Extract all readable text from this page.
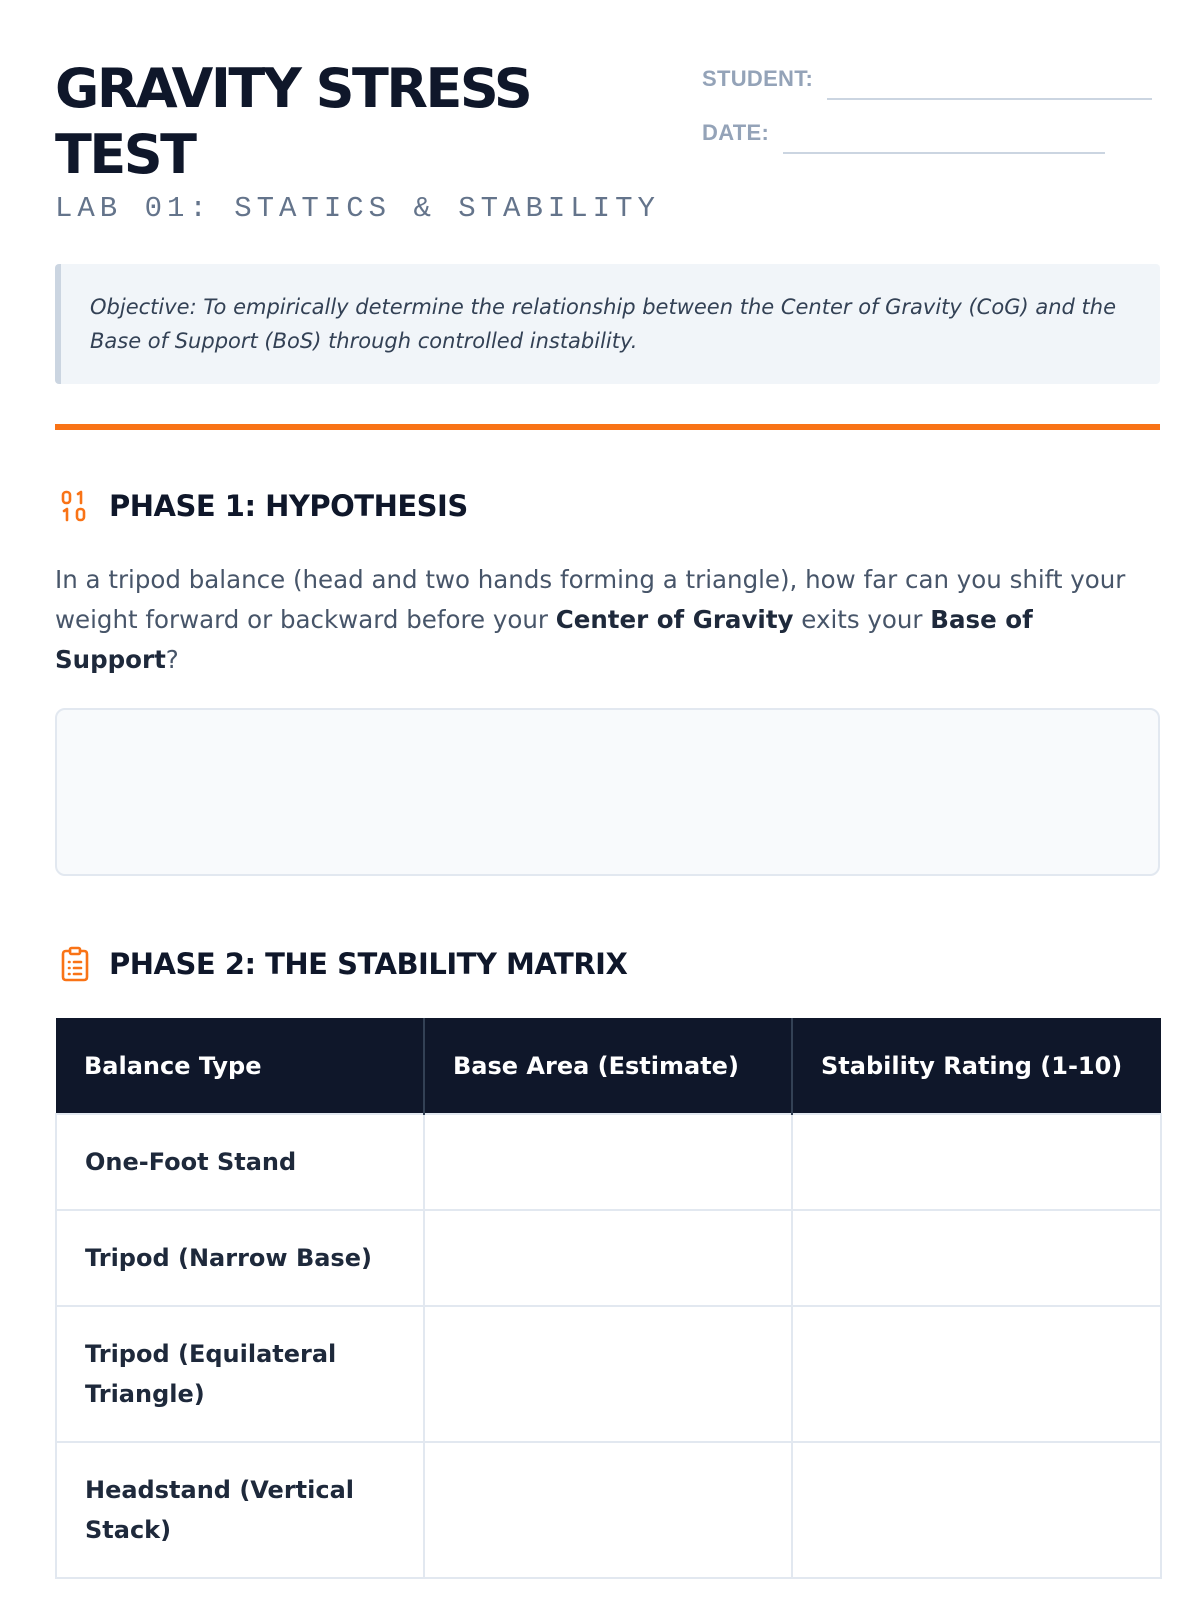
GRAVITY STRESS TEST
LAB 01: STATICS & STABILITY
STUDENT:
DATE:
Objective: To empirically determine the relationship between the Center of Gravity (CoG) and the Base of Support (BoS) through controlled instability.
PHASE 1: HYPOTHESIS

In a tripod balance (head and two hands forming a triangle), how far can you shift your weight forward or backward before your Center of Gravity exits your Base of Support?

PHASE 2: THE STABILITY MATRIX
Balance Type	Base Area (Estimate)	Stability Rating (1-10)
One-Foot Stand		
Tripod (Narrow Base)		
Tripod (Equilateral Triangle)		
Headstand (Vertical Stack)		
